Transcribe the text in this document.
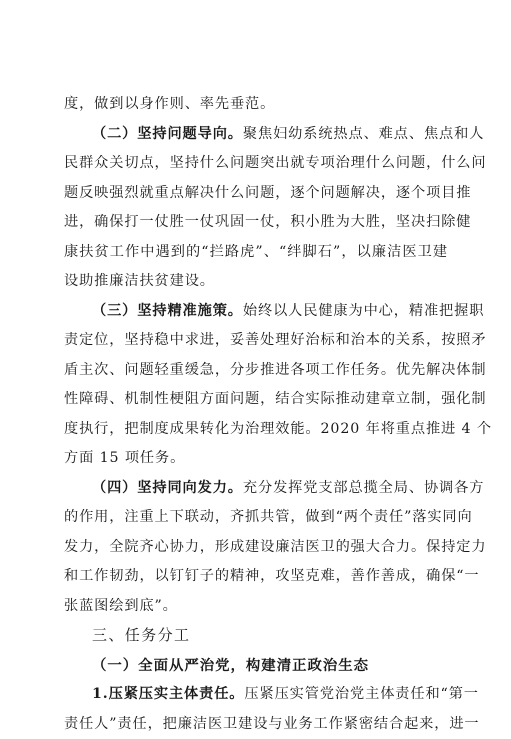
度，做到以身作则、率先垂范。
（二）坚持问题导向。聚焦妇幼系统热点、难点、焦点和人
民群众关切点，坚持什么问题突出就专项治理什么问题，什么问
题反映强烈就重点解决什么问题，逐个问题解决，逐个项目推
进，确保打一仗胜一仗巩固一仗，积小胜为大胜，坚决扫除健
康扶贫工作中遇到的“拦路虎”、“绊脚石”，以廉洁医卫建
设助推廉洁扶贫建设。
（三）坚持精准施策。始终以人民健康为中心，精准把握职
责定位，坚持稳中求进，妥善处理好治标和治本的关系，按照矛
盾主次、问题轻重缓急，分步推进各项工作任务。优先解决体制
性障碍、机制性梗阻方面问题，结合实际推动建章立制，强化制
度执行，把制度成果转化为治理效能。2020 年将重点推进 4 个
方面 15 项任务。
（四）坚持同向发力。充分发挥党支部总揽全局、协调各方
的作用，注重上下联动，齐抓共管，做到“两个责任”落实同向
发力，全院齐心协力，形成建设廉洁医卫的强大合力。保持定力
和工作韧劲，以钉钉子的精神，攻坚克难，善作善成，确保“一
张蓝图绘到底”。
三、任务分工
（一）全面从严治党，构建清正政治生态
1.压紧压实主体责任。压紧压实管党治党主体责任和“第一
责任人”责任，把廉洁医卫建设与业务工作紧密结合起来，进一
